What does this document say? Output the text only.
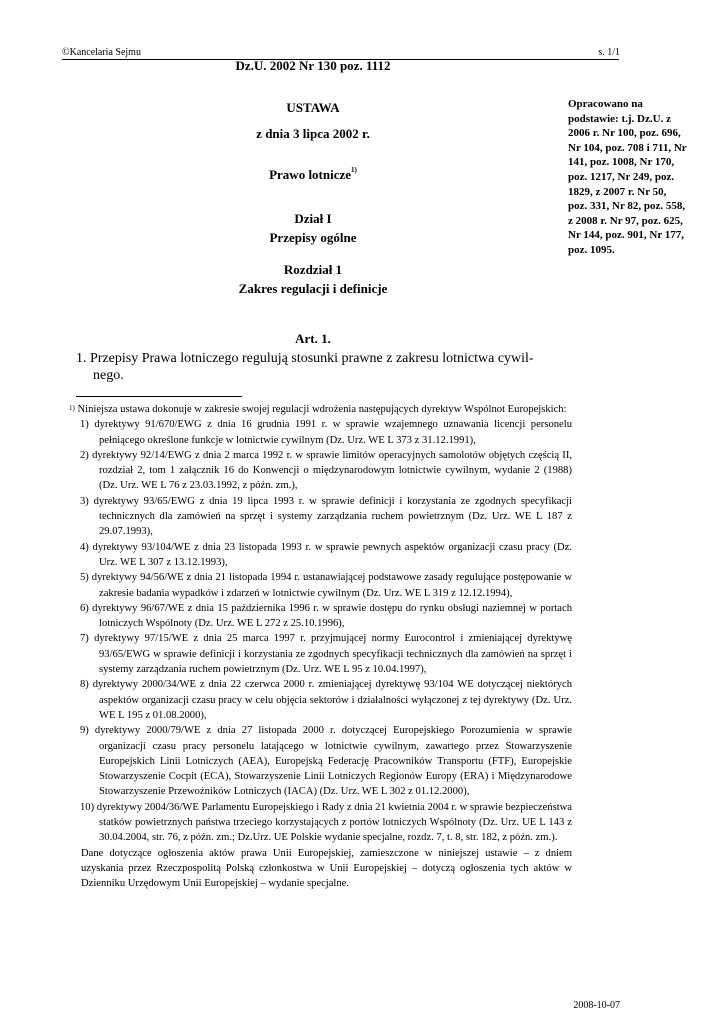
©Kancelaria Sejmu	s. 1/1
Dz.U. 2002 Nr 130 poz. 1112
Opracowano na podstawie: t.j. Dz.U. z 2006 r. Nr 100, poz. 696, Nr 104, poz. 708 i 711, Nr 141, poz. 1008, Nr 170, poz. 1217, Nr 249, poz. 1829, z 2007 r. Nr 50, poz. 331, Nr 82, poz. 558, z 2008 r. Nr 97, poz. 625, Nr 144, poz. 901, Nr 177, poz. 1095.
USTAWA
z dnia 3 lipca 2002 r.
Prawo lotnicze$^{1)}$
Dział I
Przepisy ogólne
Rozdział 1
Zakres regulacji i definicje
Art. 1.
1. Przepisy Prawa lotniczego regulują stosunki prawne z zakresu lotnictwa cywil-
nego.

$^{1)}$ Niniejsza ustawa dokonuje w zakresie swojej regulacji wdrożenia następujących dyrektyw Wspólnot Europejskich:

1) dyrektywy 91/670/EWG z dnia 16 grudnia 1991 r. w sprawie wzajemnego uznawania licencji personelu pełniącego określone funkcje w lotnictwie cywilnym (Dz. Urz. WE L 373 z 31.12.1991),
2) dyrektywy 92/14/EWG z dnia 2 marca 1992 r. w sprawie limitów operacyjnych samolotów objętych częścią II, rozdział 2, tom 1 załącznik 16 do Konwencji o międzynarodowym lotnictwie cywilnym, wydanie 2 (1988) (Dz. Urz. WE L 76 z 23.03.1992, z późn. zm.),
3) dyrektywy 93/65/EWG z dnia 19 lipca 1993 r. w sprawie definicji i korzystania ze zgodnych specyfikacji technicznych dla zamówień na sprzęt i systemy zarządzania ruchem powietrznym (Dz. Urz. WE L 187 z 29.07.1993),
4) dyrektywy 93/104/WE z dnia 23 listopada 1993 r. w sprawie pewnych aspektów organizacji czasu pracy (Dz. Urz. WE L 307 z 13.12.1993),
5) dyrektywy 94/56/WE z dnia 21 listopada 1994 r. ustanawiającej podstawowe zasady regulujące postępowanie w zakresie badania wypadków i zdarzeń w lotnictwie cywilnym (Dz. Urz. WE L 319 z 12.12.1994),
6) dyrektywy 96/67/WE z dnia 15 października 1996 r. w sprawie dostępu do rynku obsługi naziemnej w portach lotniczych Wspólnoty (Dz. Urz. WE L 272 z 25.10.1996),
7) dyrektywy 97/15/WE z dnia 25 marca 1997 r. przyjmującej normy Eurocontrol i zmieniającej dyrektywę 93/65/EWG w sprawie definicji i korzystania ze zgodnych specyfikacji technicznych dla zamówień na sprzęt i systemy zarządzania ruchem powietrznym (Dz. Urz. WE L 95 z 10.04.1997),
8) dyrektywy 2000/34/WE z dnia 22 czerwca 2000 r. zmieniającej dyrektywę 93/104 WE dotyczącej niektórych aspektów organizacji czasu pracy w celu objęcia sektorów i działalności wyłączonej z tej dyrektywy (Dz. Urz. WE L 195 z 01.08.2000),
9) dyrektywy 2000/79/WE z dnia 27 listopada 2000 r. dotyczącej Europejskiego Porozumienia w sprawie organizacji czasu pracy personelu latającego w lotnictwie cywilnym, zawartego przez Stowarzyszenie Europejskich Linii Lotniczych (AEA), Europejską Federację Pracowników Transportu (FTF), Europejskie Stowarzyszenie Cocpit (ECA), Stowarzyszenie Linii Lotniczych Regionów Europy (ERA) i Międzynarodowe Stowarzyszenie Przewoźników Lotniczych (IACA) (Dz. Urz. WE L 302 z 01.12.2000),
10) dyrektywy 2004/36/WE Parlamentu Europejskiego i Rady z dnia 21 kwietnia 2004 r. w sprawie bezpieczeństwa statków powietrznych państwa trzeciego korzystających z portów lotniczych Wspólnoty (Dz. Urz. UE L 143 z 30.04.2004, str. 76, z późn. zm.; Dz.Urz. UE Polskie wydanie specjalne, rozdz. 7, t. 8, str. 182, z późn. zm.).

Dane dotyczące ogłoszenia aktów prawa Unii Europejskiej, zamieszczone w niniejszej ustawie – z dniem uzyskania przez Rzeczpospolitą Polską członkostwa w Unii Europejskiej – dotyczą ogłoszenia tych aktów w Dzienniku Urzędowym Unii Europejskiej – wydanie specjalne.

2008-10-07
